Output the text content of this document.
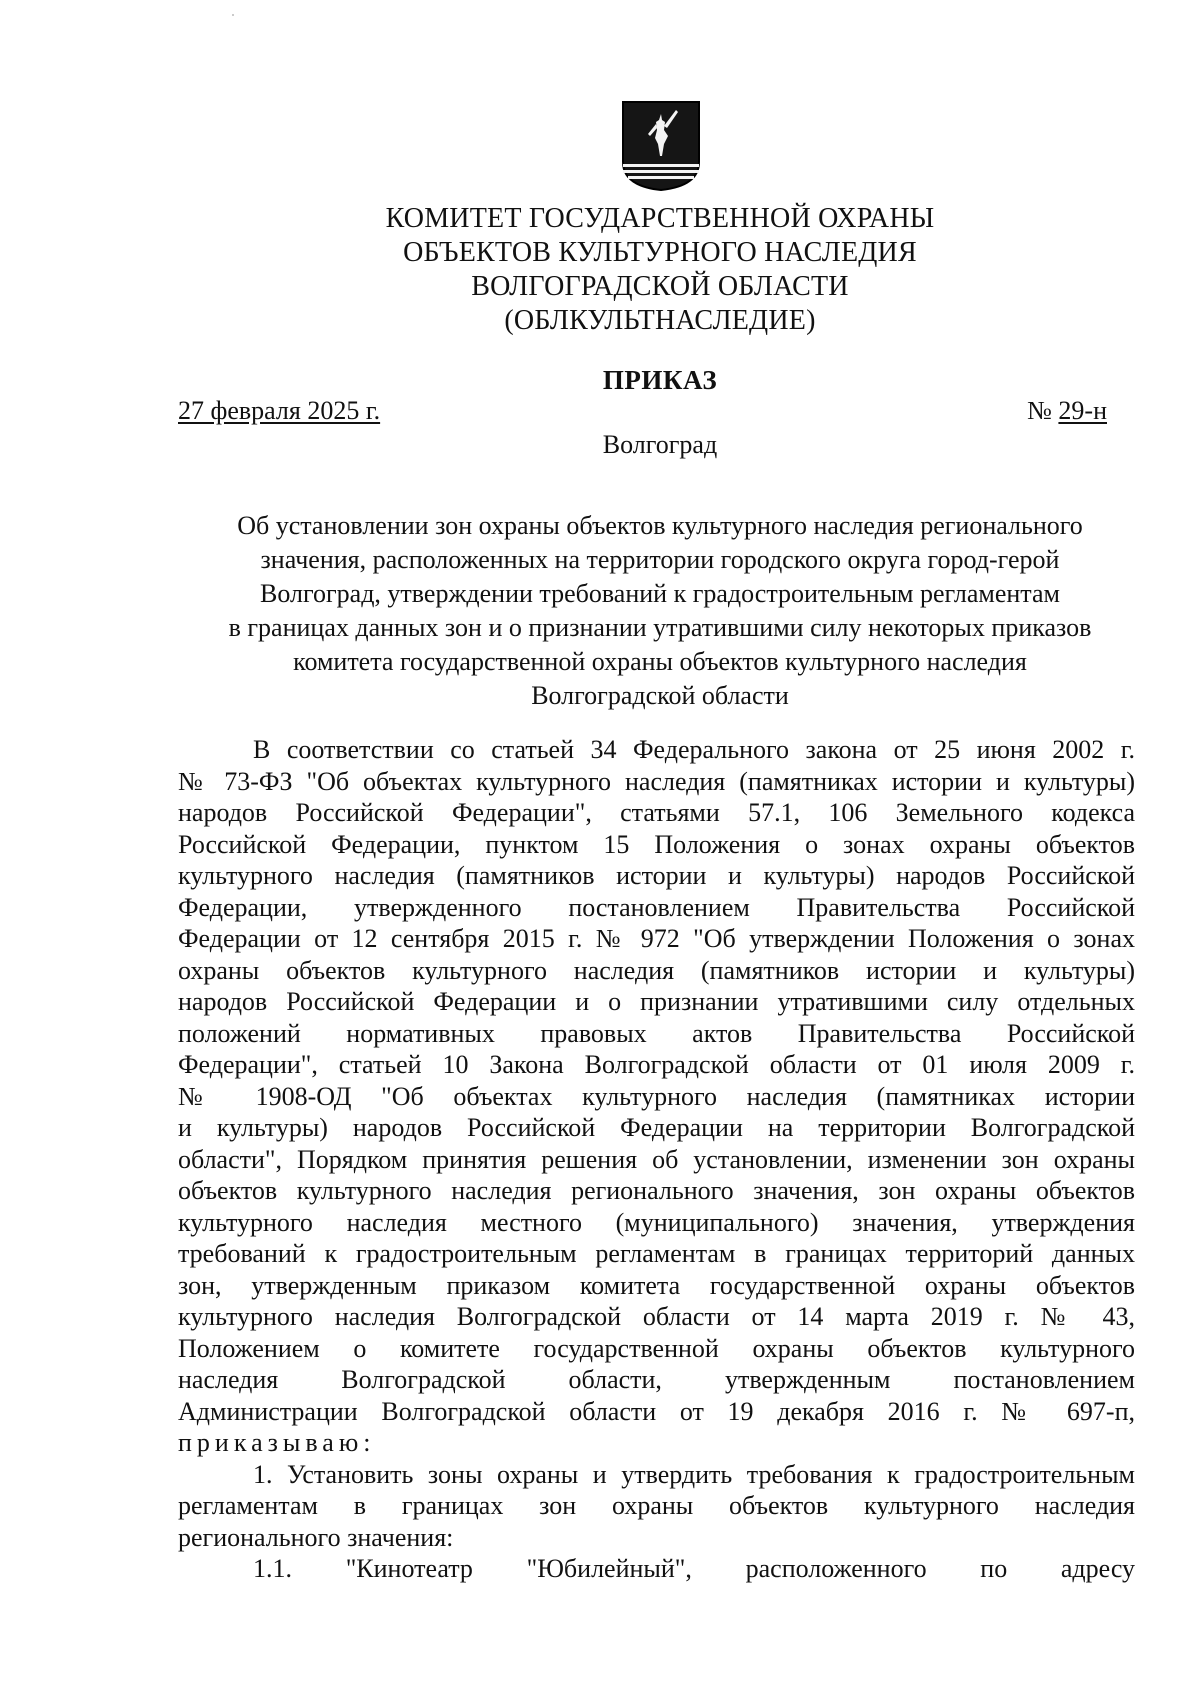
КОМИТЕТ ГОСУДАРСТВЕННОЙ ОХРАНЫ
ОБЪЕКТОВ КУЛЬТУРНОГО НАСЛЕДИЯ
ВОЛГОГРАДСКОЙ ОБЛАСТИ
(ОБЛКУЛЬТНАСЛЕДИЕ)
ПРИКАЗ
27 февраля 2025 г.	№ 29-н
Волгоград
Об установлении зон охраны объектов культурного наследия регионального
значения, расположенных на территории городского округа город-герой
Волгоград, утверждении требований к градостроительным регламентам
в границах данных зон и о признании утратившими силу некоторых приказов
комитета государственной охраны объектов культурного наследия
Волгоградской области
В соответствии со статьей 34 Федерального закона от 25 июня 2002 г.
№ 73-ФЗ "Об объектах культурного наследия (памятниках истории и культуры)
народов Российской Федерации", статьями 57.1, 106 Земельного кодекса
Российской Федерации, пунктом 15 Положения о зонах охраны объектов
культурного наследия (памятников истории и культуры) народов Российской
Федерации, утвержденного постановлением Правительства Российской
Федерации от 12 сентября 2015 г. № 972 "Об утверждении Положения о зонах
охраны объектов культурного наследия (памятников истории и культуры)
народов Российской Федерации и о признании утратившими силу отдельных
положений нормативных правовых актов Правительства Российской
Федерации", статьей 10 Закона Волгоградской области от 01 июля 2009 г.
№ 1908-ОД "Об объектах культурного наследия (памятниках истории
и культуры) народов Российской Федерации на территории Волгоградской
области", Порядком принятия решения об установлении, изменении зон охраны
объектов культурного наследия регионального значения, зон охраны объектов
культурного наследия местного (муниципального) значения, утверждения
требований к градостроительным регламентам в границах территорий данных
зон, утвержденным приказом комитета государственной охраны объектов
культурного наследия Волгоградской области от 14 марта 2019 г. № 43,
Положением о комитете государственной охраны объектов культурного
наследия Волгоградской области, утвержденным постановлением
Администрации Волгоградской области от 19 декабря 2016 г. № 697-п,
приказываю:
1. Установить зоны охраны и утвердить требования к градостроительным
регламентам в границах зон охраны объектов культурного наследия
регионального значения:
1.1. "Кинотеатр "Юбилейный", расположенного по адресу
